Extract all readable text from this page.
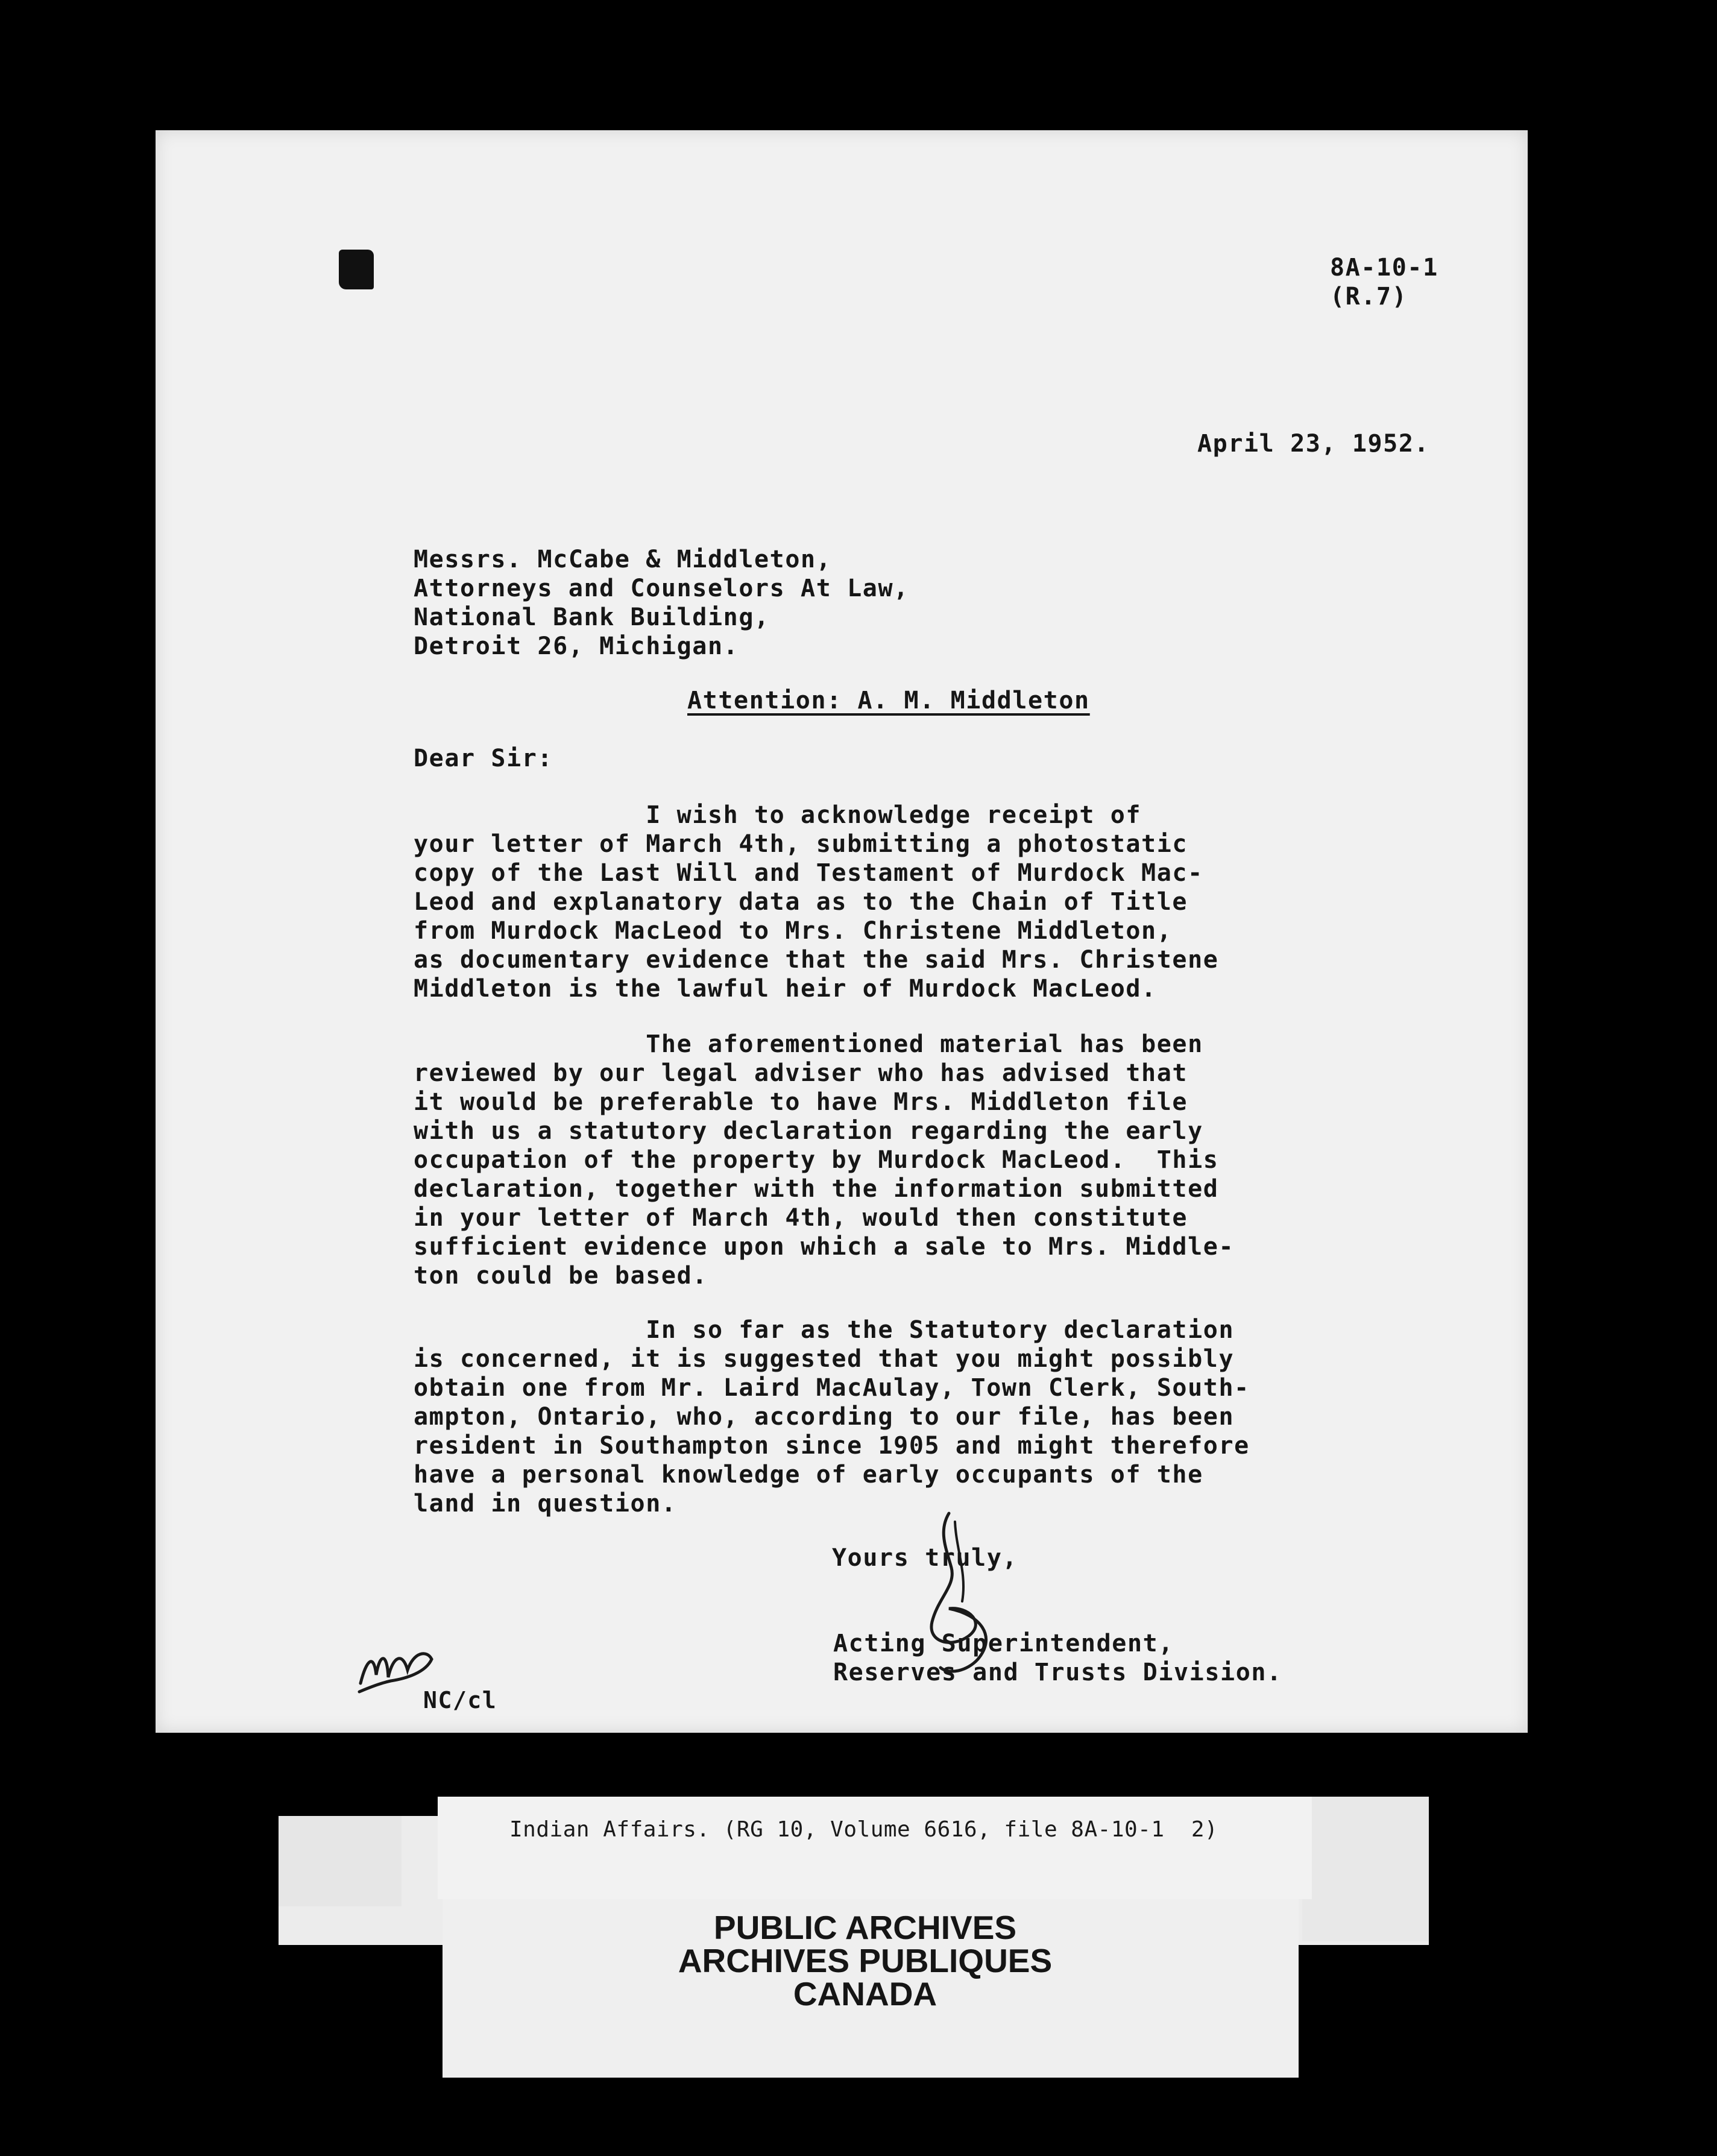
8A-10-1
(R.7)
April 23, 1952.
Messrs. McCabe & Middleton,
Attorneys and Counselors At Law,
National Bank Building,
Detroit 26, Michigan.
Attention: A. M. Middleton
Dear Sir:
I wish to acknowledge receipt of
your letter of March 4th, submitting a photostatic
copy of the Last Will and Testament of Murdock Mac-
Leod and explanatory data as to the Chain of Title
from Murdock MacLeod to Mrs. Christene Middleton,
as documentary evidence that the said Mrs. Christene
Middleton is the lawful heir of Murdock MacLeod.
The aforementioned material has been
reviewed by our legal adviser who has advised that
it would be preferable to have Mrs. Middleton file
with us a statutory declaration regarding the early
occupation of the property by Murdock MacLeod.  This
declaration, together with the information submitted
in your letter of March 4th, would then constitute
sufficient evidence upon which a sale to Mrs. Middle-
ton could be based.
In so far as the Statutory declaration
is concerned, it is suggested that you might possibly
obtain one from Mr. Laird MacAulay, Town Clerk, South-
ampton, Ontario, who, according to our file, has been
resident in Southampton since 1905 and might therefore
have a personal knowledge of early occupants of the
land in question.
Yours truly,
Acting Superintendent,
Reserves and Trusts Division.
NC/cl
Indian Affairs. (RG 10, Volume 6616, file 8A-10-1  2)
PUBLIC ARCHIVES
ARCHIVES PUBLIQUES
CANADA
